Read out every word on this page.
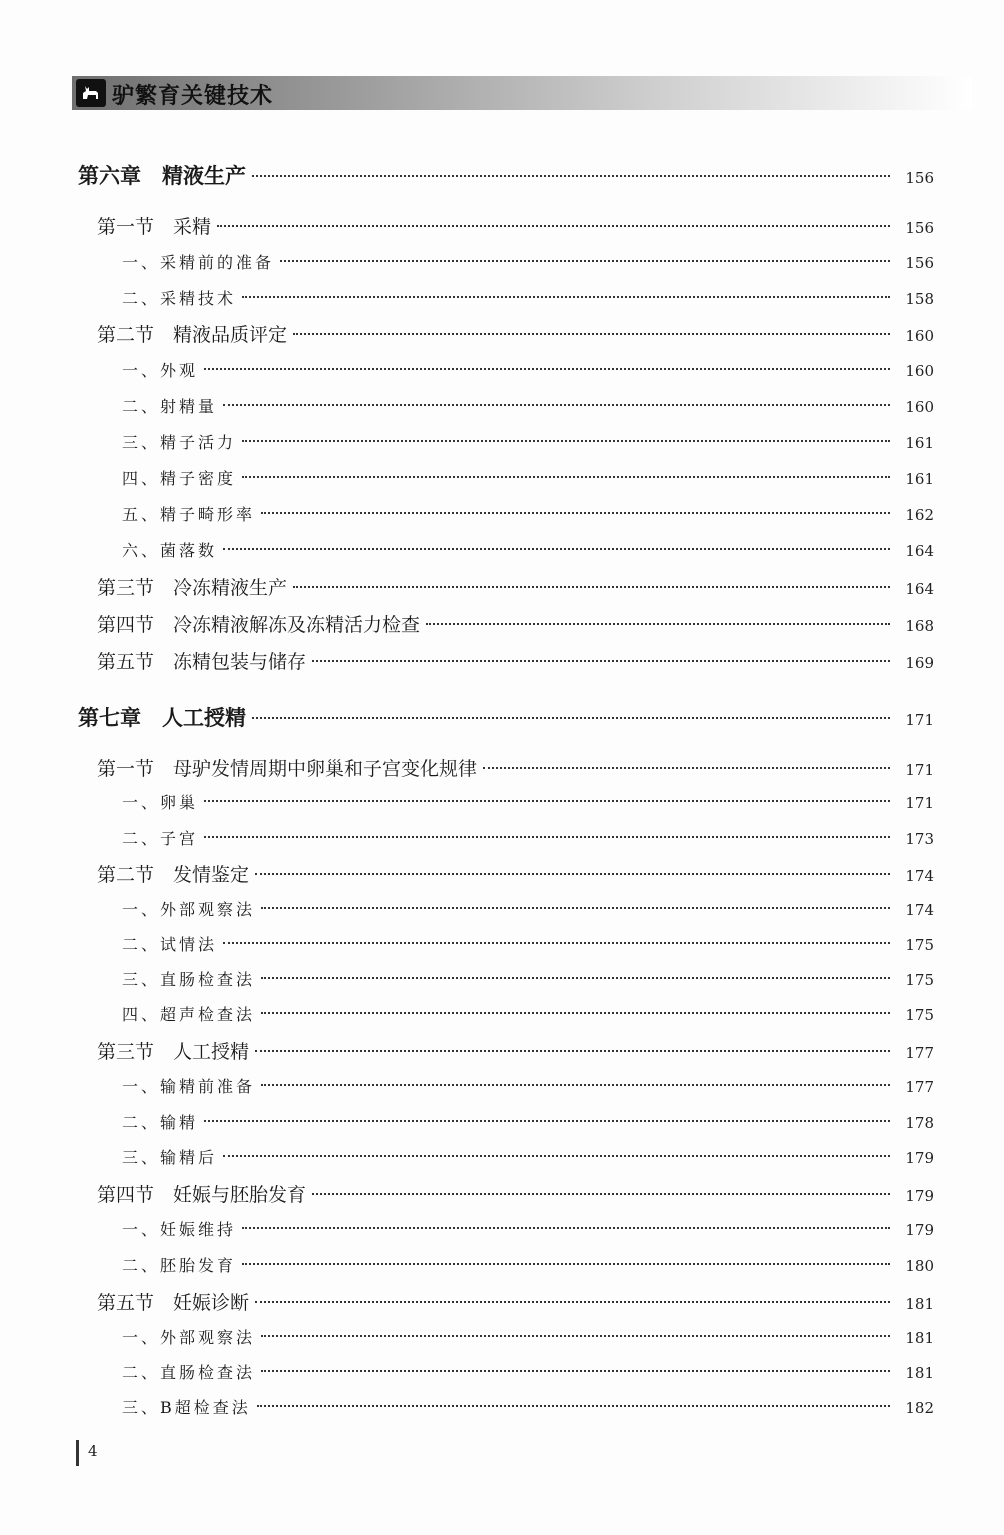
驴繁育关键技术
第六章　精液生产	156
第一节　采精	156
一、采精前的准备	156
二、采精技术	158
第二节　精液品质评定	160
一、外观	160
二、射精量	160
三、精子活力	161
四、精子密度	161
五、精子畸形率	162
六、菌落数	164
第三节　冷冻精液生产	164
第四节　冷冻精液解冻及冻精活力检查	168
第五节　冻精包装与储存	169
第七章　人工授精	171
第一节　母驴发情周期中卵巢和子宫变化规律	171
一、卵巢	171
二、子宫	173
第二节　发情鉴定	174
一、外部观察法	174
二、试情法	175
三、直肠检查法	175
四、超声检查法	175
第三节　人工授精	177
一、输精前准备	177
二、输精	178
三、输精后	179
第四节　妊娠与胚胎发育	179
一、妊娠维持	179
二、胚胎发育	180
第五节　妊娠诊断	181
一、外部观察法	181
二、直肠检查法	181
三、B超检查法	182
4
